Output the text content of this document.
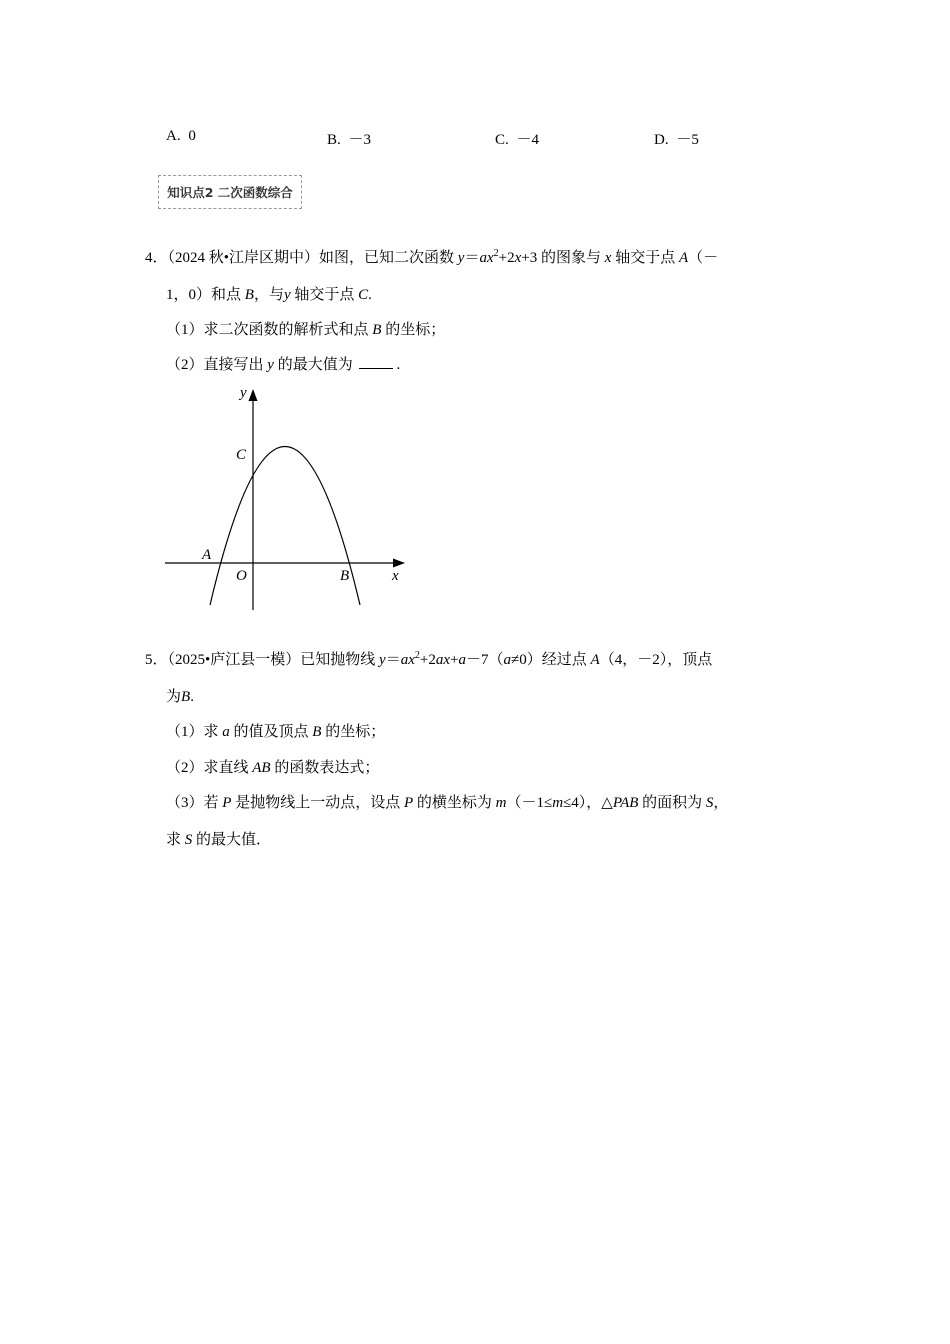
A. 0	B. －3	C. －4	D. －5
知识点2 二次函数综合
4．（2024 秋•江岸区期中）如图，已知二次函数 $y=ax^2+2x+3$ 的图象与 x 轴交于点 A（－
1，0）和点 B，与y 轴交于点 C.
（1）求二次函数的解析式和点 B 的坐标；
（2）直接写出 y 的最大值为	.
y
C
A
O	B	x
5．（2025•庐江县一模）已知抛物线 $y=ax^2+2ax+a-7(a\ne 0)$经过点 A（4，－2），顶点
为B.
（1）求 a 的值及顶点 B 的坐标；
（2）求直线 AB 的函数表达式；
（3）若 P 是抛物线上一动点，设点 P 的横坐标为 m（－1≤m≤4），△PAB 的面积为 S，
求 S 的最大值．
